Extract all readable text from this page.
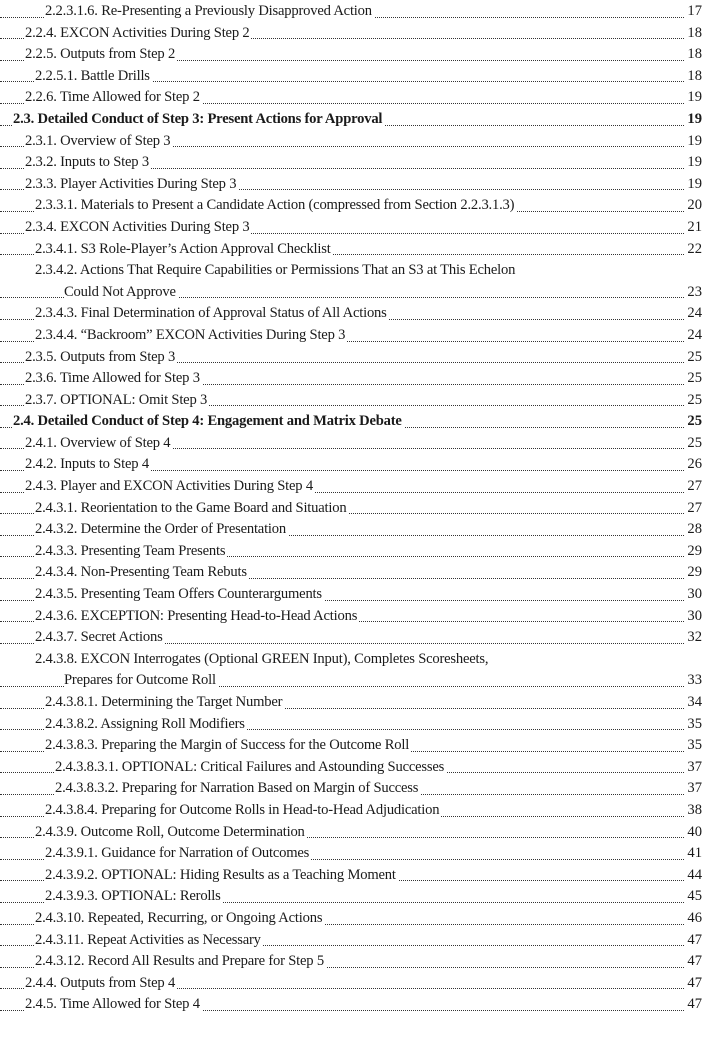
2.2.3.1.6. Re-Presenting a Previously Disapproved Action	17
2.2.4. EXCON Activities During Step 2	18
2.2.5. Outputs from Step 2	18
2.2.5.1. Battle Drills	18
2.2.6. Time Allowed for Step 2	19
2.3. Detailed Conduct of Step 3: Present Actions for Approval	19
2.3.1. Overview of Step 3	19
2.3.2. Inputs to Step 3	19
2.3.3. Player Activities During Step 3	19
2.3.3.1. Materials to Present a Candidate Action (compressed from Section 2.2.3.1.3)	20
2.3.4. EXCON Activities During Step 3	21
2.3.4.1. S3 Role-Player’s Action Approval Checklist	22
2.3.4.2. Actions That Require Capabilities or Permissions That an S3 at This Echelon
Could Not Approve	23
2.3.4.3. Final Determination of Approval Status of All Actions	24
2.3.4.4. “Backroom” EXCON Activities During Step 3	24
2.3.5. Outputs from Step 3	25
2.3.6. Time Allowed for Step 3	25
2.3.7. OPTIONAL: Omit Step 3	25
2.4. Detailed Conduct of Step 4: Engagement and Matrix Debate	25
2.4.1. Overview of Step 4	25
2.4.2. Inputs to Step 4	26
2.4.3. Player and EXCON Activities During Step 4	27
2.4.3.1. Reorientation to the Game Board and Situation	27
2.4.3.2. Determine the Order of Presentation	28
2.4.3.3. Presenting Team Presents	29
2.4.3.4. Non-Presenting Team Rebuts	29
2.4.3.5. Presenting Team Offers Counterarguments	30
2.4.3.6. EXCEPTION: Presenting Head-to-Head Actions	30
2.4.3.7. Secret Actions	32
2.4.3.8. EXCON Interrogates (Optional GREEN Input), Completes Scoresheets,
Prepares for Outcome Roll	33
2.4.3.8.1. Determining the Target Number	34
2.4.3.8.2. Assigning Roll Modifiers	35
2.4.3.8.3. Preparing the Margin of Success for the Outcome Roll	35
2.4.3.8.3.1. OPTIONAL: Critical Failures and Astounding Successes	37
2.4.3.8.3.2. Preparing for Narration Based on Margin of Success	37
2.4.3.8.4. Preparing for Outcome Rolls in Head-to-Head Adjudication	38
2.4.3.9. Outcome Roll, Outcome Determination	40
2.4.3.9.1. Guidance for Narration of Outcomes	41
2.4.3.9.2. OPTIONAL: Hiding Results as a Teaching Moment	44
2.4.3.9.3. OPTIONAL: Rerolls	45
2.4.3.10. Repeated, Recurring, or Ongoing Actions	46
2.4.3.11. Repeat Activities as Necessary	47
2.4.3.12. Record All Results and Prepare for Step 5	47
2.4.4. Outputs from Step 4	47
2.4.5. Time Allowed for Step 4	47
